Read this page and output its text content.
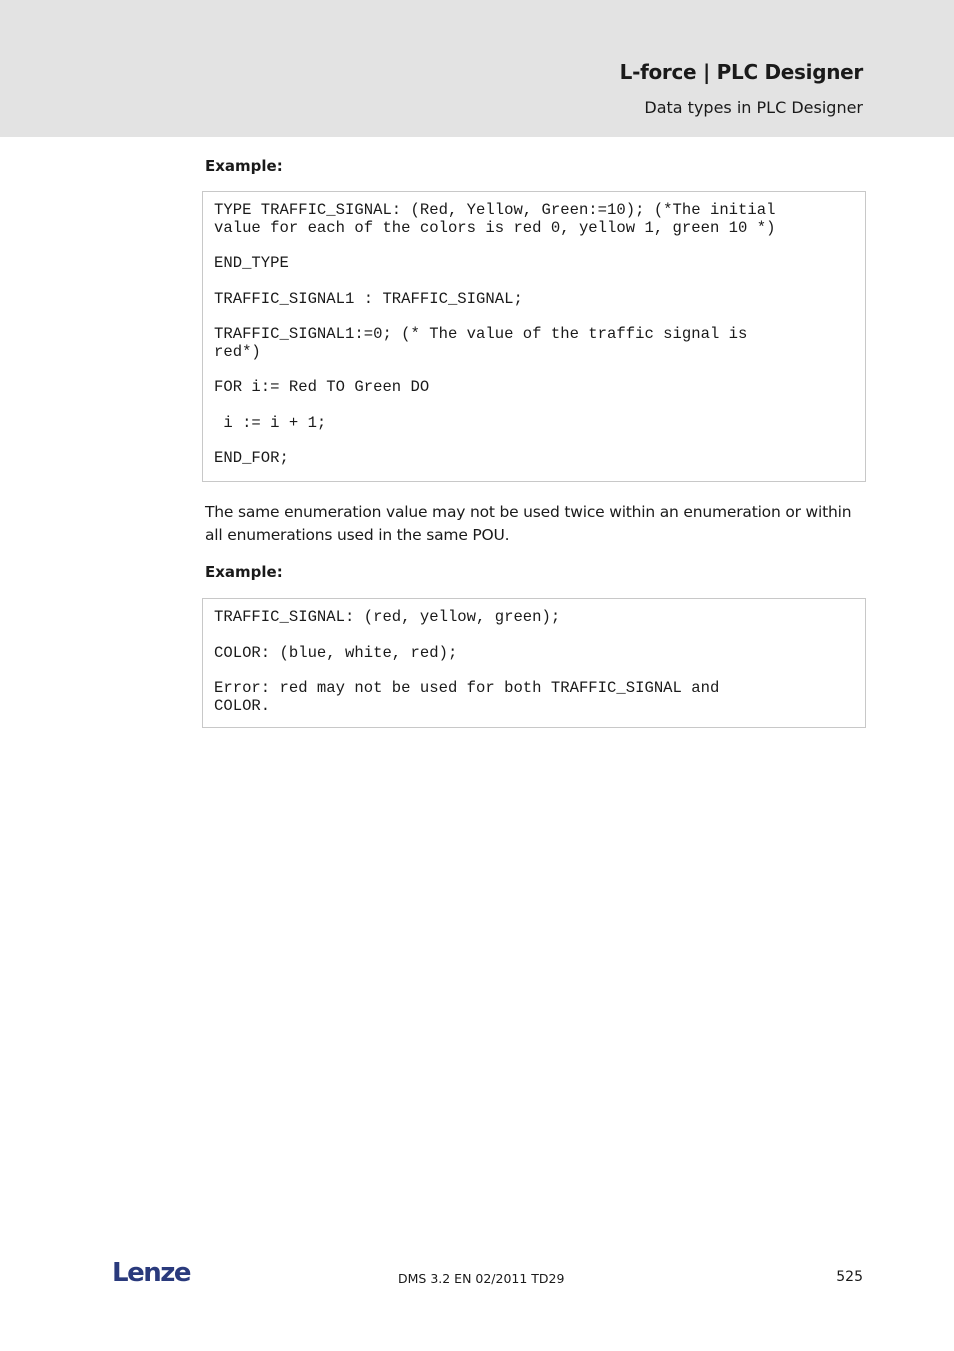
L-force | PLC Designer
Data types in PLC Designer
Example:
TYPE TRAFFIC_SIGNAL: (Red, Yellow, Green:=10); (*The initial
value for each of the colors is red 0, yellow 1, green 10 *)
END_TYPE
TRAFFIC_SIGNAL1 : TRAFFIC_SIGNAL;
TRAFFIC_SIGNAL1:=0; (* The value of the traffic signal is
red*)
FOR i:= Red TO Green DO
i := i + 1;
END_FOR;
The same enumeration value may not be used twice within an enumeration or within all enumerations used in the same POU.
Example:
TRAFFIC_SIGNAL: (red, yellow, green);
COLOR: (blue, white, red);
Error: red may not be used for both TRAFFIC_SIGNAL and
COLOR.
Lenze	DMS 3.2 EN 02/2011 TD29	525
